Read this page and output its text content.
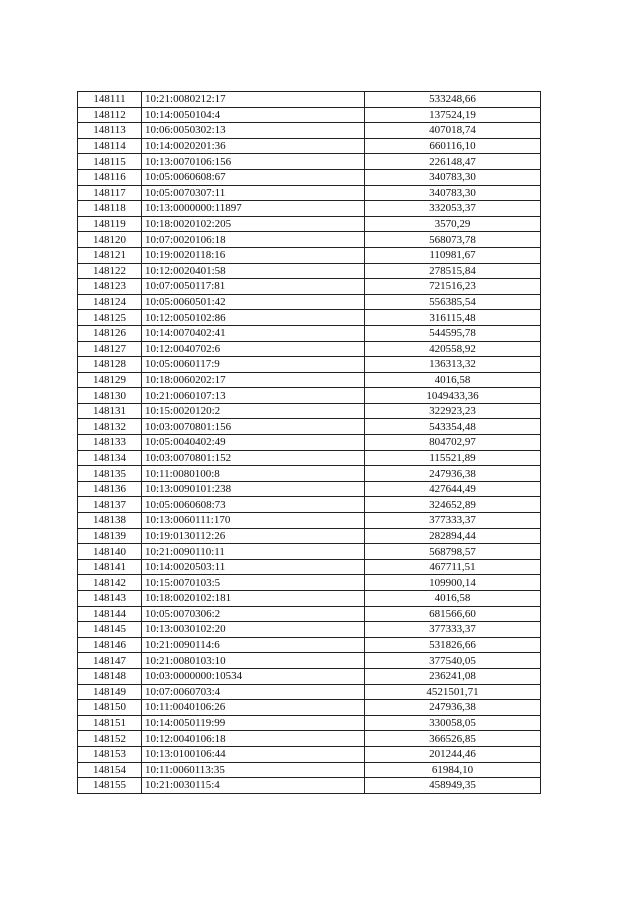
148111	10:21:0080212:17	533248,66
148112	10:14:0050104:4	137524,19
148113	10:06:0050302:13	407018,74
148114	10:14:0020201:36	660116,10
148115	10:13:0070106:156	226148,47
148116	10:05:0060608:67	340783,30
148117	10:05:0070307:11	340783,30
148118	10:13:0000000:11897	332053,37
148119	10:18:0020102:205	3570,29
148120	10:07:0020106:18	568073,78
148121	10:19:0020118:16	110981,67
148122	10:12:0020401:58	278515,84
148123	10:07:0050117:81	721516,23
148124	10:05:0060501:42	556385,54
148125	10:12:0050102:86	316115,48
148126	10:14:0070402:41	544595,78
148127	10:12:0040702:6	420558,92
148128	10:05:0060117:9	136313,32
148129	10:18:0060202:17	4016,58
148130	10:21:0060107:13	1049433,36
148131	10:15:0020120:2	322923,23
148132	10:03:0070801:156	543354,48
148133	10:05:0040402:49	804702,97
148134	10:03:0070801:152	115521,89
148135	10:11:0080100:8	247936,38
148136	10:13:0090101:238	427644,49
148137	10:05:0060608:73	324652,89
148138	10:13:0060111:170	377333,37
148139	10:19:0130112:26	282894,44
148140	10:21:0090110:11	568798,57
148141	10:14:0020503:11	467711,51
148142	10:15:0070103:5	109900,14
148143	10:18:0020102:181	4016,58
148144	10:05:0070306:2	681566,60
148145	10:13:0030102:20	377333,37
148146	10:21:0090114:6	531826,66
148147	10:21:0080103:10	377540,05
148148	10:03:0000000:10534	236241,08
148149	10:07:0060703:4	4521501,71
148150	10:11:0040106:26	247936,38
148151	10:14:0050119:99	330058,05
148152	10:12:0040106:18	366526,85
148153	10:13:0100106:44	201244,46
148154	10:11:0060113:35	61984,10
148155	10:21:0030115:4	458949,35
